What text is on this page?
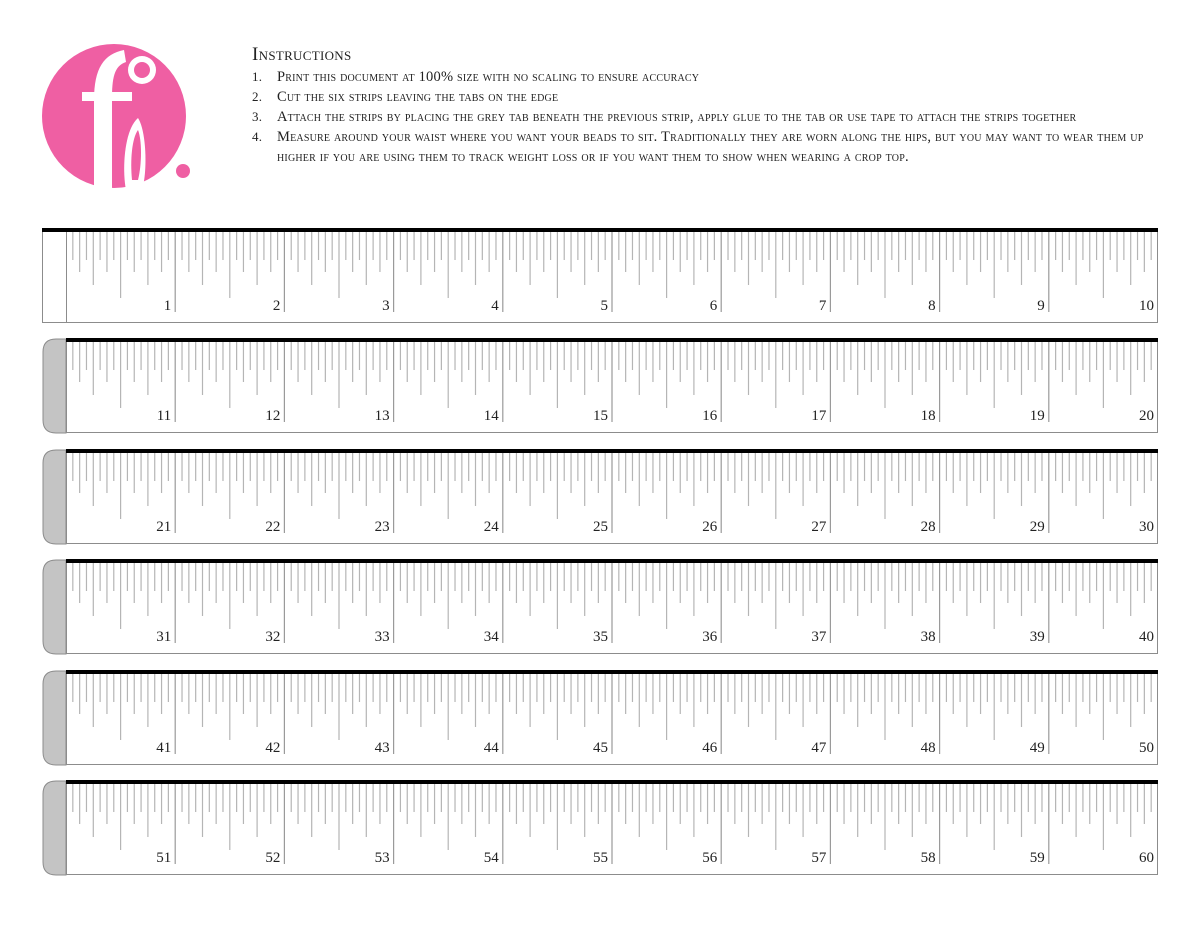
Instructions
1.	Print this document at 100% size with no scaling to ensure accuracy
2.	Cut the six strips leaving the tabs on the edge
3.	Attach the strips by placing the grey tab beneath the previous strip, apply glue to the tab or use tape to attach the strips together
4.	Measure around your waist where you want your beads to sit. Traditionally they are worn along the hips, but you may want to wear them up higher if you are using them to track weight loss or if you want them to show when wearing a crop top.
1	2	3	4	5	6	7	8	9	10
11	12	13	14	15	16	17	18	19	20
21	22	23	24	25	26	27	28	29	30
31	32	33	34	35	36	37	38	39	40
41	42	43	44	45	46	47	48	49	50
51	52	53	54	55	56	57	58	59	60
